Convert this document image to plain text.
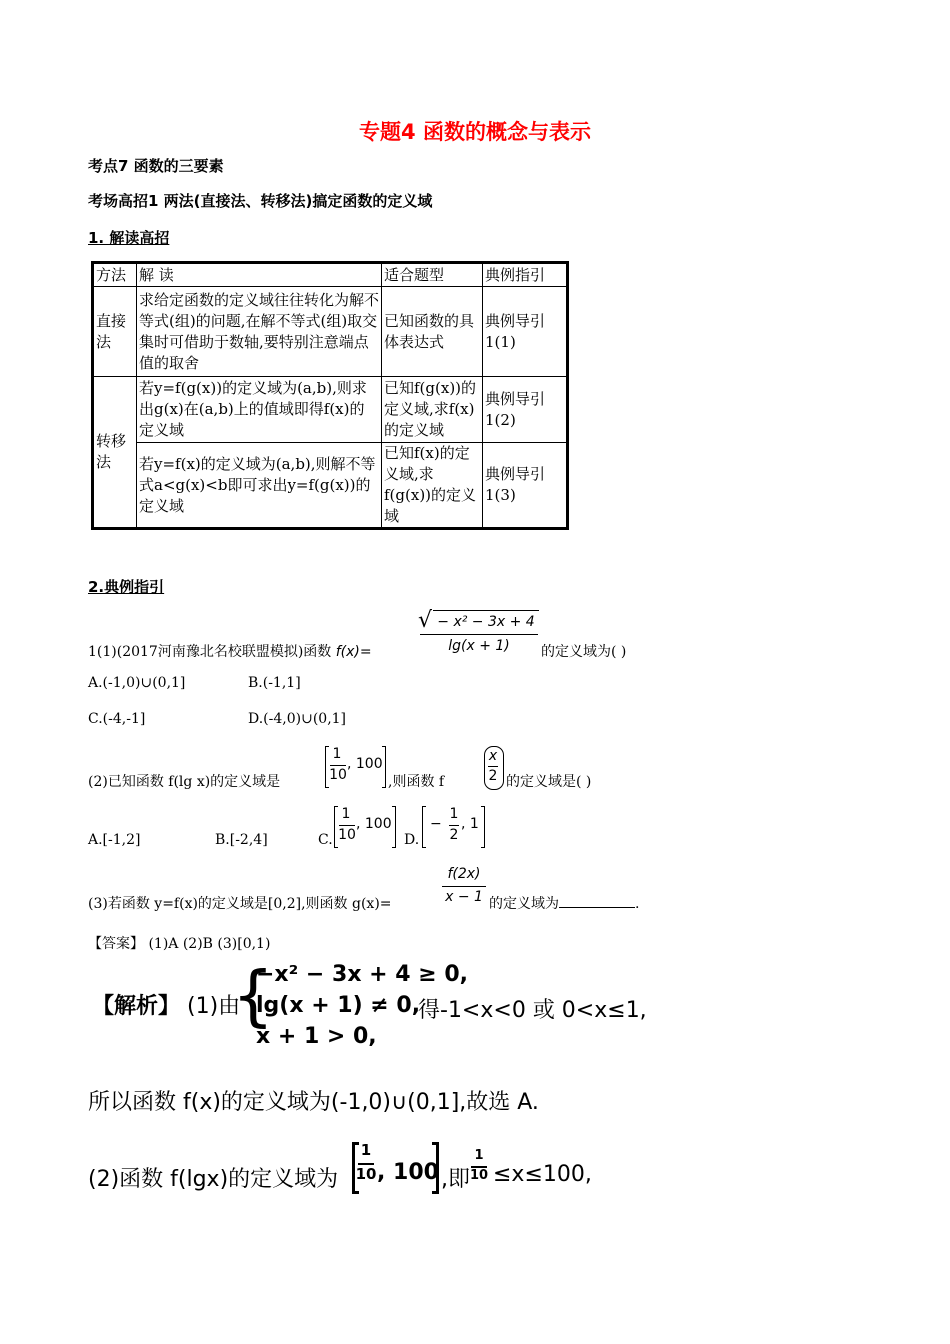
专题4 函数的概念与表示
考点7 函数的三要素
考场高招1 两法(直接法、转移法)搞定函数的定义域
1. 解读高招
方法	解 读	适合题型	典例指引
直接法	求给定函数的定义域往往转化为解不等式(组)的问题,在解不等式(组)取交集时可借助于数轴,要特别注意端点值的取舍	已知函数的具体表达式	典例导引1(1)
转移法	若y=f(g(x))的定义域为(a,b),则求出g(x)在(a,b)上的值域即得f(x)的定义域	已知f(g(x))的定义域,求f(x)的定义域	典例导引1(2)
	若y=f(x)的定义域为(a,b),则解不等式a<g(x)<b即可求出y=f(g(x))的定义域	已知f(x)的定义域,求f(g(x))的定义域	典例导引1(3)
2.典例指引
1(1)(2017河南豫北名校联盟模拟)函数 f(x)=
√ − x² − 3x + 4
lg(x + 1)	的定义域为( )
A.(-1,0)∪(0,1]	B.(-1,1]
C.(-4,-1]	D.(-4,0)∪(0,1]
(2)已知函数 f(lg x)的定义域是
1
10
, 100
,则函数 f
x
2 的定义域是( )
A.[-1,2]	B.[-2,4]	C.
1
10
, 100
D.
−
1
2
, 1
(3)若函数 y=f(x)的定义域是[0,2],则函数 g(x)=
f(2x)
x − 1 的定义域为	.
【答案】 (1)A (2)B (3)[0,1)
【解析】 (1)由
{
−x² − 3x + 4 ≥ 0,
lg(x + 1) ≠ 0,
x + 1 > 0,
得-1<x<0 或 0<x≤1,
所以函数 f(x)的定义域为(-1,0)∪(0,1],故选 A.
(2)函数 f(lgx)的定义域为
1
10 , 100 ,即
1
10 ≤x≤100,
